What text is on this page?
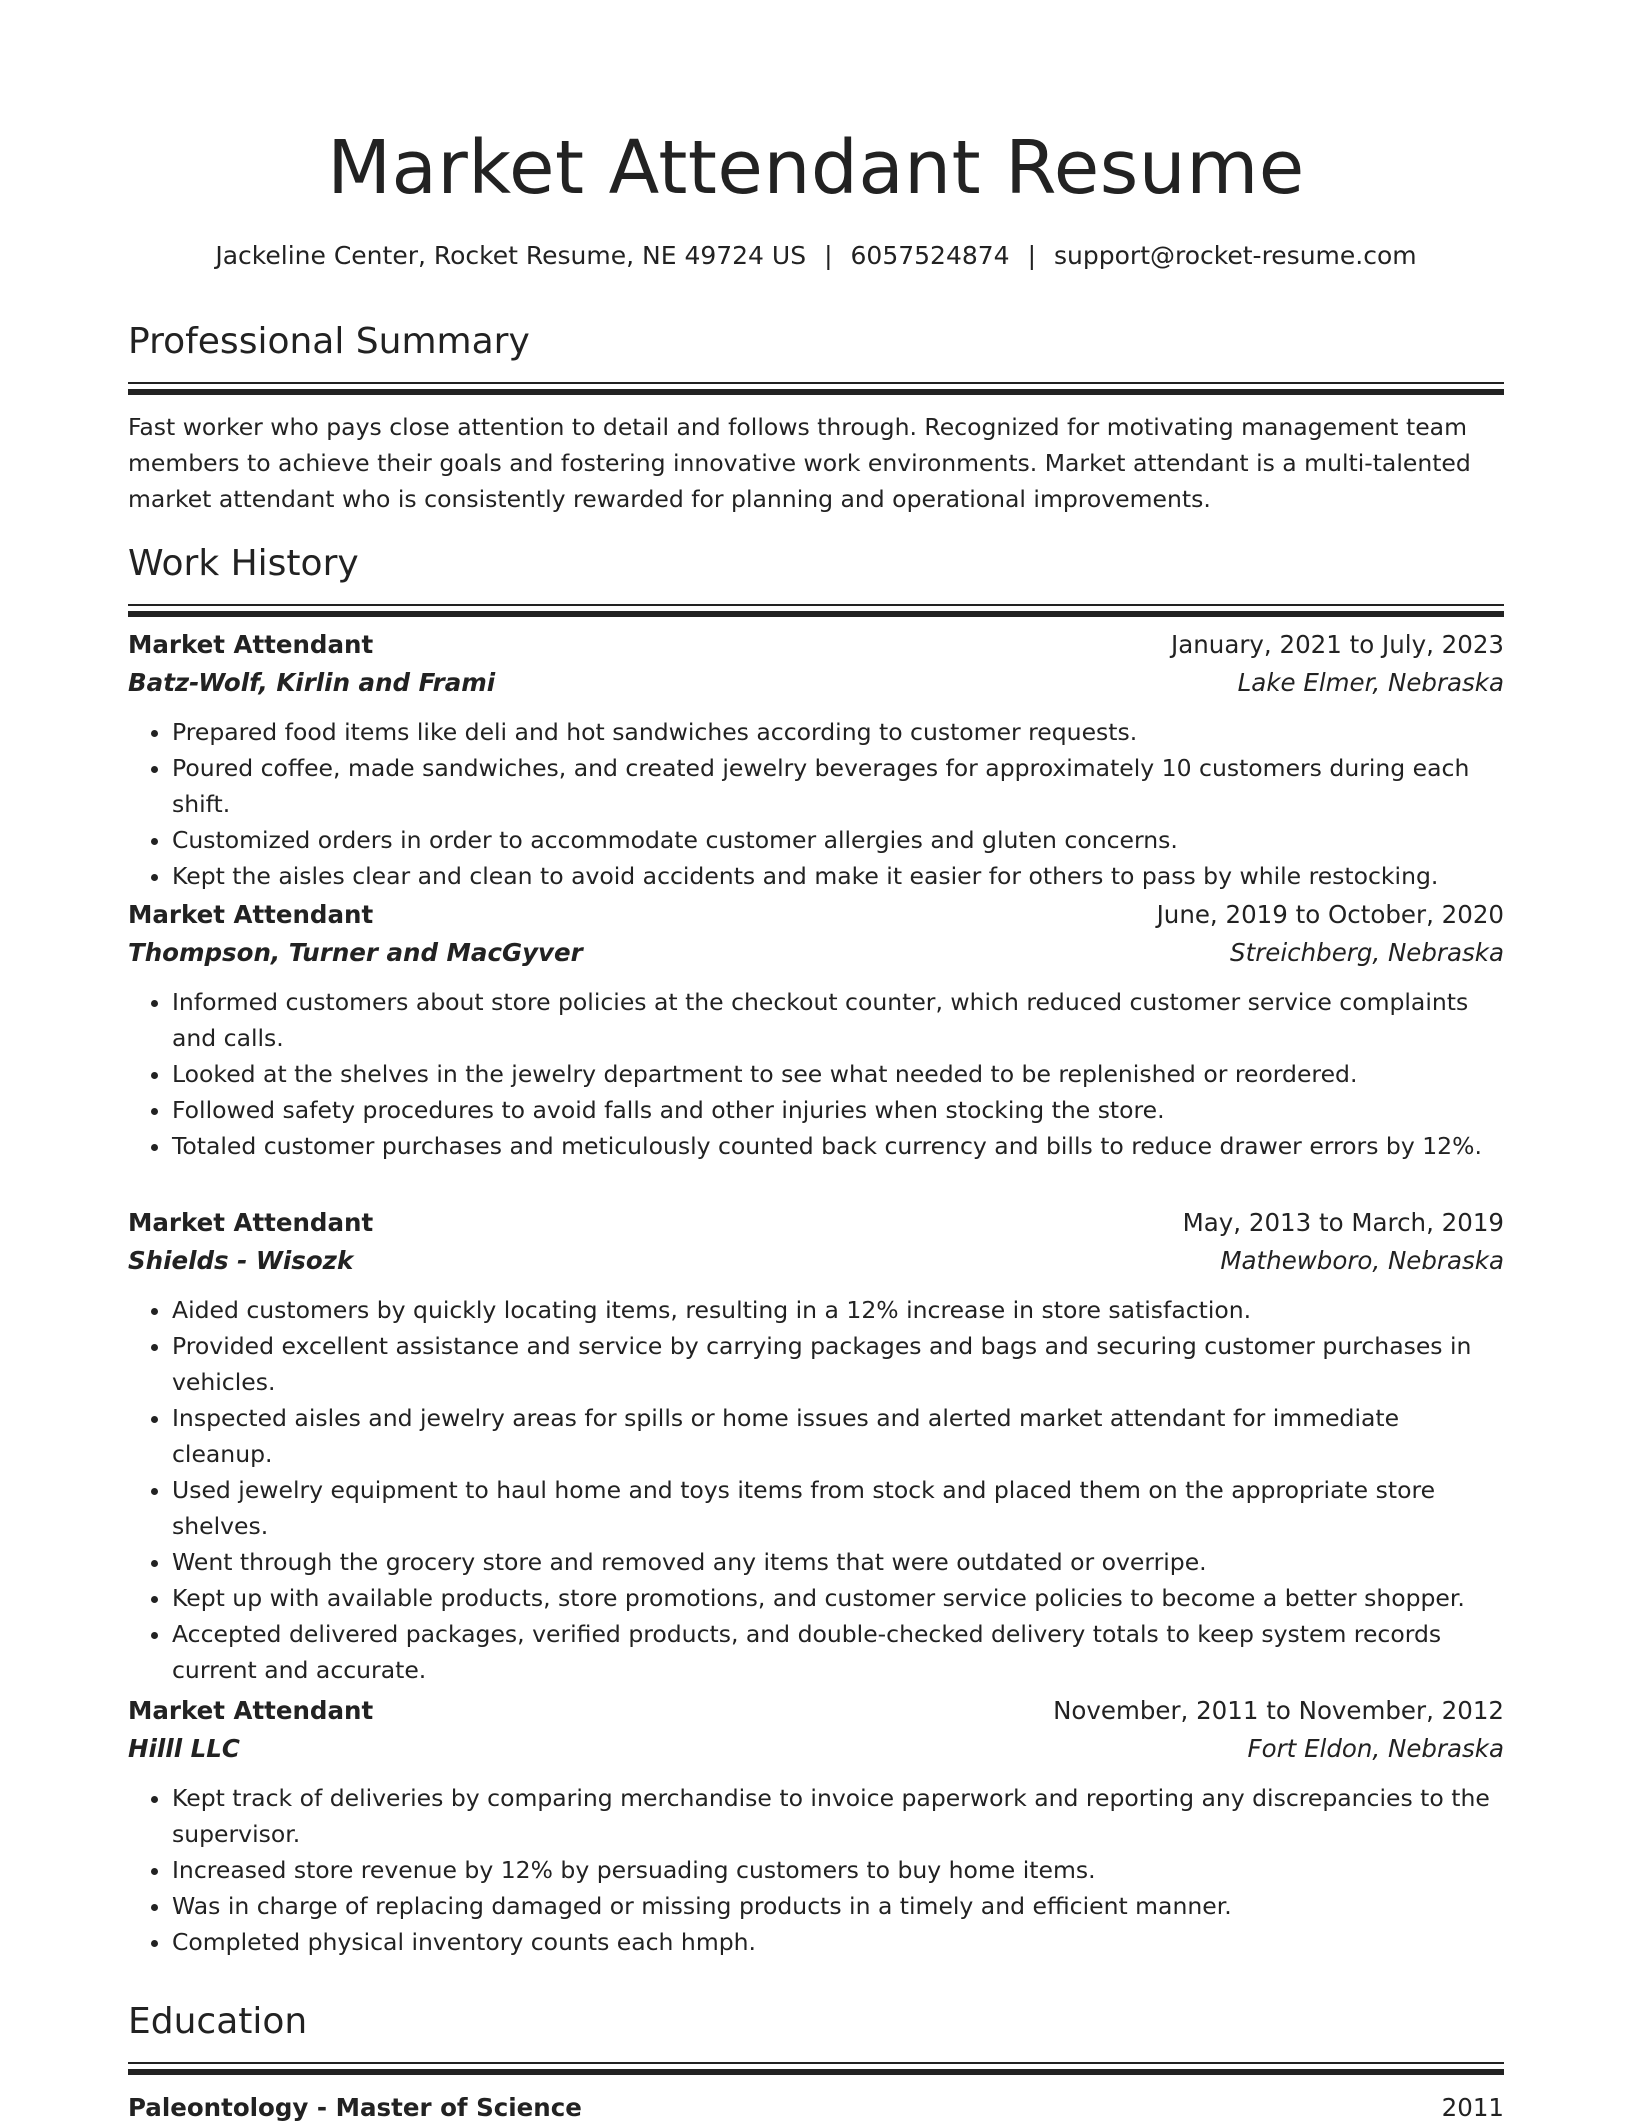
Market Attendant Resume
Jackeline Center, Rocket Resume, NE 49724 US | 6057524874 | support@rocket-resume.com
Professional Summary
Fast worker who pays close attention to detail and follows through. Recognized for motivating management team members to achieve their goals and fostering innovative work environments. Market attendant is a multi-talented market attendant who is consistently rewarded for planning and operational improvements.
Work History
Market Attendant	January, 2021 to July, 2023
Batz-Wolf, Kirlin and Frami	Lake Elmer, Nebraska
• Prepared food items like deli and hot sandwiches according to customer requests.
• Poured coffee, made sandwiches, and created jewelry beverages for approximately 10 customers during each shift.
• Customized orders in order to accommodate customer allergies and gluten concerns.
• Kept the aisles clear and clean to avoid accidents and make it easier for others to pass by while restocking.
Market Attendant	June, 2019 to October, 2020
Thompson, Turner and MacGyver	Streichberg, Nebraska
• Informed customers about store policies at the checkout counter, which reduced customer service complaints and calls.
• Looked at the shelves in the jewelry department to see what needed to be replenished or reordered.
• Followed safety procedures to avoid falls and other injuries when stocking the store.
• Totaled customer purchases and meticulously counted back currency and bills to reduce drawer errors by 12%.
Market Attendant	May, 2013 to March, 2019
Shields - Wisozk	Mathewboro, Nebraska
• Aided customers by quickly locating items, resulting in a 12% increase in store satisfaction.
• Provided excellent assistance and service by carrying packages and bags and securing customer purchases in vehicles.
• Inspected aisles and jewelry areas for spills or home issues and alerted market attendant for immediate cleanup.
• Used jewelry equipment to haul home and toys items from stock and placed them on the appropriate store shelves.
• Went through the grocery store and removed any items that were outdated or overripe.
• Kept up with available products, store promotions, and customer service policies to become a better shopper.
• Accepted delivered packages, verified products, and double-checked delivery totals to keep system records current and accurate.
Market Attendant	November, 2011 to November, 2012
Hilll LLC	Fort Eldon, Nebraska
• Kept track of deliveries by comparing merchandise to invoice paperwork and reporting any discrepancies to the supervisor.
• Increased store revenue by 12% by persuading customers to buy home items.
• Was in charge of replacing damaged or missing products in a timely and efficient manner.
• Completed physical inventory counts each hmph.
Education
Paleontology - Master of Science	2011
